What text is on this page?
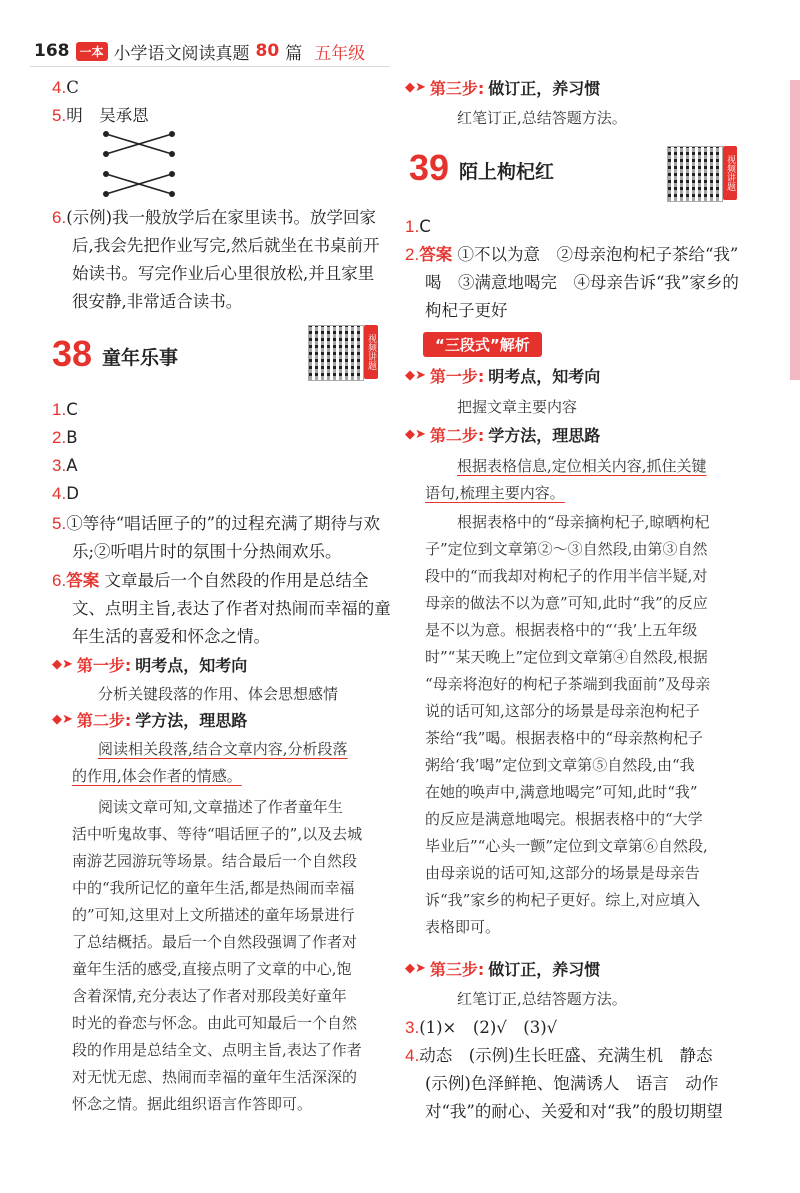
168 一本 小学语文阅读真题 80 篇 五年级
4.C
5.明　吴承恩
6.(示例)我一般放学后在家里读书。放学回家
后,我会先把作业写完,然后就坐在书桌前开
始读书。写完作业后心里很放松,并且家里
很安静,非常适合读书。
38 童年乐事	视频讲题
1.C
2.B
3.A
4.D
5.①等待“唱话匣子的”的过程充满了期待与欢
乐;②听唱片时的氛围十分热闹欢乐。
6.答案 文章最后一个自然段的作用是总结全
文、点明主旨,表达了作者对热闹而幸福的童
年生活的喜爱和怀念之情。
◆➤ 第一步: 明考点，知考向
分析关键段落的作用、体会思想感情
◆➤ 第二步: 学方法，理思路
阅读相关段落,结合文章内容,分析段落
的作用,体会作者的情感。
阅读文章可知,文章描述了作者童年生
活中听鬼故事、等待“唱话匣子的”,以及去城
南游艺园游玩等场景。结合最后一个自然段
中的“我所记忆的童年生活,都是热闹而幸福
的”可知,这里对上文所描述的童年场景进行
了总结概括。最后一个自然段强调了作者对
童年生活的感受,直接点明了文章的中心,饱
含着深情,充分表达了作者对那段美好童年
时光的眷恋与怀念。由此可知最后一个自然
段的作用是总结全文、点明主旨,表达了作者
对无忧无虑、热闹而幸福的童年生活深深的
怀念之情。据此组织语言作答即可。
◆➤ 第三步: 做订正，养习惯
红笔订正,总结答题方法。
39 陌上枸杞红	视频讲题
1.C
2.答案 ①不以为意　②母亲泡枸杞子茶给“我”
喝　③满意地喝完　④母亲告诉“我”家乡的
枸杞子更好
“三段式”解析
◆➤ 第一步: 明考点，知考向
把握文章主要内容
◆➤ 第二步: 学方法，理思路
根据表格信息,定位相关内容,抓住关键
语句,梳理主要内容。
根据表格中的“母亲摘枸杞子,晾晒枸杞
子”定位到文章第②～③自然段,由第③自然
段中的“而我却对枸杞子的作用半信半疑,对
母亲的做法不以为意”可知,此时“我”的反应
是不以为意。根据表格中的“‘我’上五年级
时”“某天晚上”定位到文章第④自然段,根据
“母亲将泡好的枸杞子茶端到我面前”及母亲
说的话可知,这部分的场景是母亲泡枸杞子
茶给“我”喝。根据表格中的“母亲熬枸杞子
粥给‘我’喝”定位到文章第⑤自然段,由“我
在她的唤声中,满意地喝完”可知,此时“我”
的反应是满意地喝完。根据表格中的“大学
毕业后”“心头一颤”定位到文章第⑥自然段,
由母亲说的话可知,这部分的场景是母亲告
诉“我”家乡的枸杞子更好。综上,对应填入
表格即可。
◆➤ 第三步: 做订正，养习惯
红笔订正,总结答题方法。
3.(1)×　(2)√　(3)√
4.动态　(示例)生长旺盛、充满生机　静态
(示例)色泽鲜艳、饱满诱人　语言　动作
对“我”的耐心、关爱和对“我”的殷切期望
